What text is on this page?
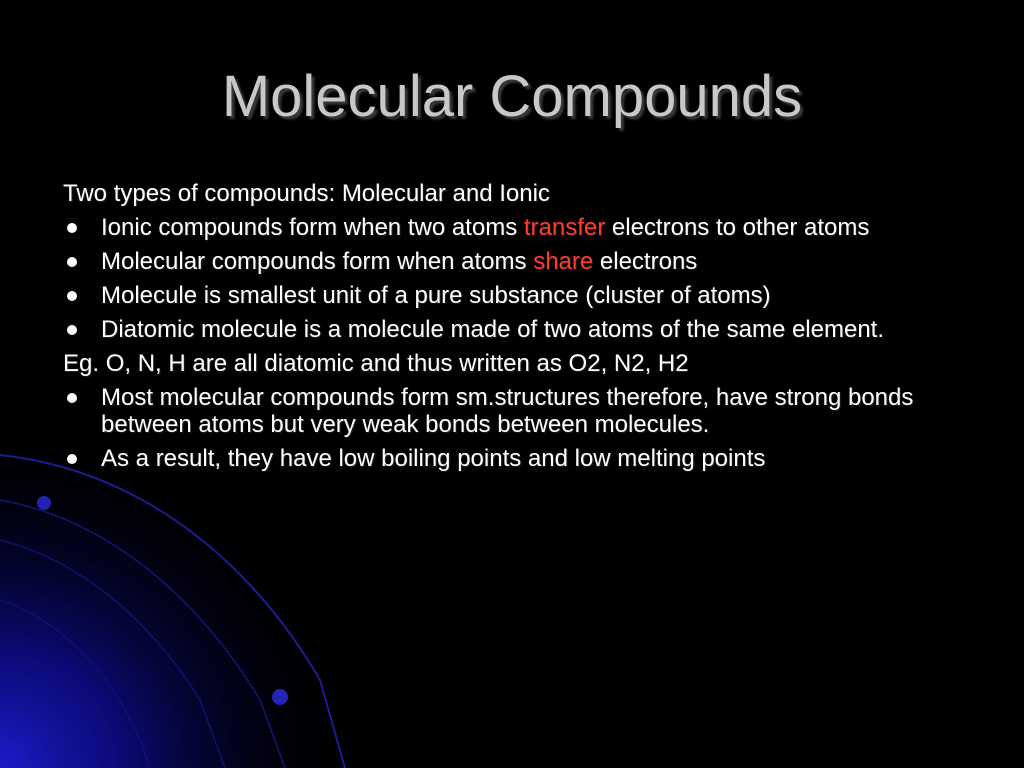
Molecular Compounds

Two types of compounds: Molecular and Ionic

Ionic compounds form when two atoms transfer electrons to other atoms
Molecular compounds form when atoms share electrons
Molecule is smallest unit of a pure substance (cluster of atoms)
Diatomic molecule is a molecule made of two atoms of the same element.

Eg. O, N, H are all diatomic and thus written as O2, N2, H2

Most molecular compounds form sm.structures therefore, have strong bonds between atoms but very weak bonds between molecules.
As a result, they have low boiling points and low melting points
